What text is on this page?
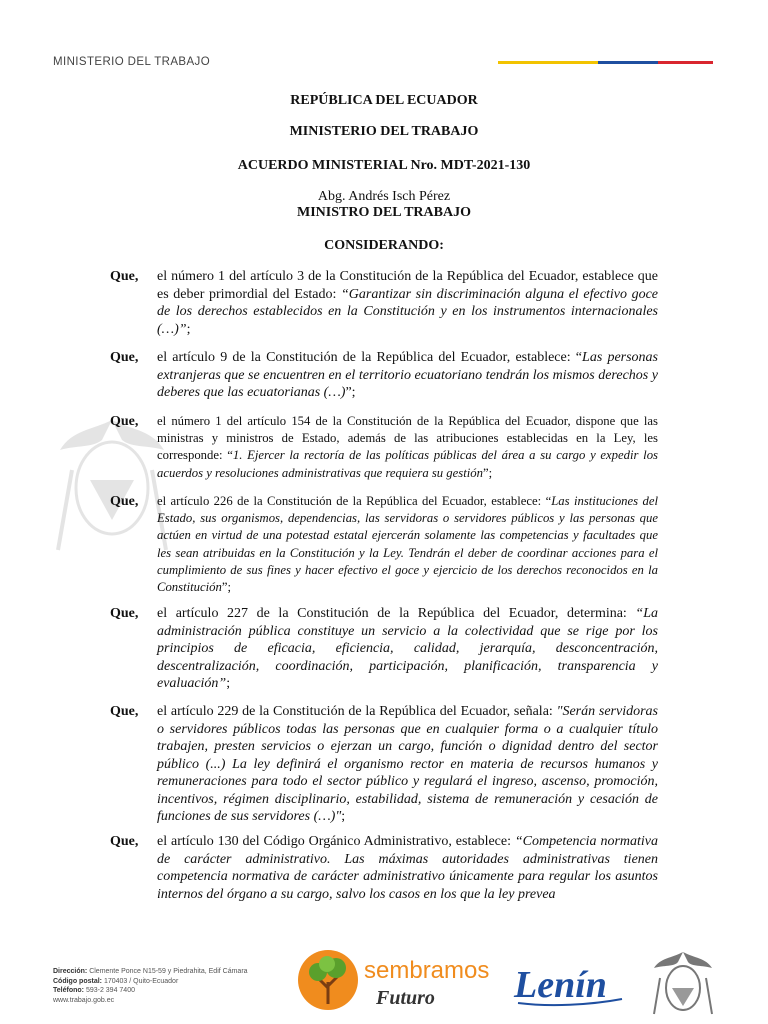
MINISTERIO DEL TRABAJO
REPÚBLICA DEL ECUADOR
MINISTERIO DEL TRABAJO
ACUERDO MINISTERIAL Nro. MDT-2021-130
Abg. Andrés Isch Pérez
MINISTRO DEL TRABAJO
CONSIDERANDO:
Que, el número 1 del artículo 3 de la Constitución de la República del Ecuador, establece que es deber primordial del Estado: “Garantizar sin discriminación alguna el efectivo goce de los derechos establecidos en la Constitución y en los instrumentos internacionales (…)”;
Que, el artículo 9 de la Constitución de la República del Ecuador, establece: “Las personas extranjeras que se encuentren en el territorio ecuatoriano tendrán los mismos derechos y deberes que las ecuatorianas (…)”;
Que, el número 1 del artículo 154 de la Constitución de la República del Ecuador, dispone que las ministras y ministros de Estado, además de las atribuciones establecidas en la Ley, les corresponde: “1. Ejercer la rectoría de las políticas públicas del área a su cargo y expedir los acuerdos y resoluciones administrativas que requiera su gestión”;
Que, el artículo 226 de la Constitución de la República del Ecuador, establece: “Las instituciones del Estado, sus organismos, dependencias, las servidoras o servidores públicos y las personas que actúen en virtud de una potestad estatal ejercerán solamente las competencias y facultades que les sean atribuidas en la Constitución y la Ley. Tendrán el deber de coordinar acciones para el cumplimiento de sus fines y hacer efectivo el goce y ejercicio de los derechos reconocidos en la Constitución”;
Que, el artículo 227 de la Constitución de la República del Ecuador, determina: “La administración pública constituye un servicio a la colectividad que se rige por los principios de eficacia, eficiencia, calidad, jerarquía, desconcentración, descentralización, coordinación, participación, planificación, transparencia y evaluación”;
Que, el artículo 229 de la Constitución de la República del Ecuador, señala: "Serán servidoras o servidores públicos todas las personas que en cualquier forma o a cualquier título trabajen, presten servicios o ejerzan un cargo, función o dignidad dentro del sector público (...) La ley definirá el organismo rector en materia de recursos humanos y remuneraciones para todo el sector público y regulará el ingreso, ascenso, promoción, incentivos, régimen disciplinario, estabilidad, sistema de remuneración y cesación de funciones de sus servidores (…)";
Que, el artículo 130 del Código Orgánico Administrativo, establece: “Competencia normativa de carácter administrativo. Las máximas autoridades administrativas tienen competencia normativa de carácter administrativo únicamente para regular los asuntos internos del órgano a su cargo, salvo los casos en los que la ley prevea
Dirección: Clemente Ponce N15-59 y Piedrahita, Edif Cámara
Código postal: 170403 / Quito-Ecuador
Teléfono: 593-2 394 7400
www.trabajo.gob.ec
sembramos
Futuro Lenín
